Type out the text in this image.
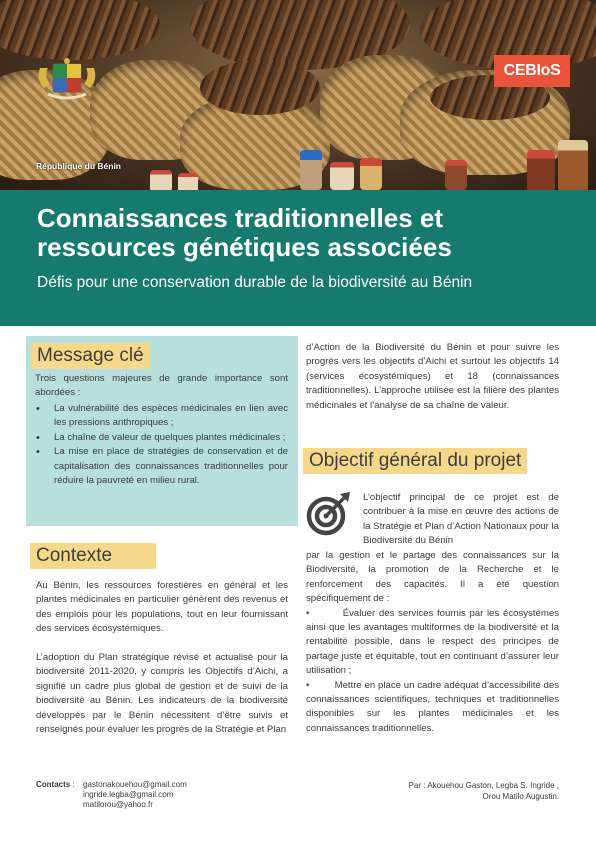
République du Bénin
CEBIoS
Connaissances traditionnelles et ressources génétiques associées

Défis pour une conservation durable de la biodiversité au Bénin

Message clé
Trois questions majeures de grande importance sont abordées :
• La vulnérabilité des espèces médicinales en lien avec les pressions anthropiques ;
• La chaîne de valeur de quelques plantes médicinales ;
• La mise en place de stratégies de conservation et de capitalisation des connaissances traditionnelles pour réduire la pauvreté en milieu rural.
Contexte

Au Bénin, les ressources forestières en général et les plantes médicinales en particulier génèrent des revenus et des emplois pour les populations, tout en leur fournissant des services écosystémiques.

L’adoption du Plan stratégique révisé et actualisé pour la biodiversité 2011-2020, y compris les Objectifs d’Aichi, a signifié un cadre plus global de gestion et de suivi de la biodiversité au Bénin. Les indicateurs de la biodiversité développés par le Bénin nécessitent d’être suivis et renseignés pour évaluer les progrès de la Stratégie et Plan

d’Action de la Biodiversité du Bénin et pour suivre les progrès vers les objectifs d’Aichi et surtout les objectifs 14 (services écosystémiques) et 18 (connaissances traditionnelles). L’approche utilisée est la filière des plantes médicinales et l’analyse de sa chaîne de valeur.
Objectif général du projet
L’objectif principal de ce projet est de contribuer à la mise en œuvre des actions de la Stratégie et Plan d’Action Nationaux pour la Biodiversité du Bénin

par la gestion et le partage des connaissances sur la Biodiversité, la promotion de la Recherche et le renforcement des capacités. Il a été question spécifiquement de :

•         Évaluer des services fournis par les écosystèmes ainsi que les avantages multiformes de la biodiversité et la rentabilité possible, dans le respect des principes de partage juste et équitable, tout en continuant d’assurer leur utilisation ;

•         Mettre en place un cadre adéquat d’accessibilité des connaissances scientifiques, techniques et traditionnelles disponibles sur les plantes médicinales et les connaissances traditionnelles.

Contacts : gastonakouehou@gmail.com
ingride.legba@gmail.com
matilorou@yahoo.fr
Par : Akouehou Gaston, Legba S. Ingride ,
Orou Matilo Augustin.
